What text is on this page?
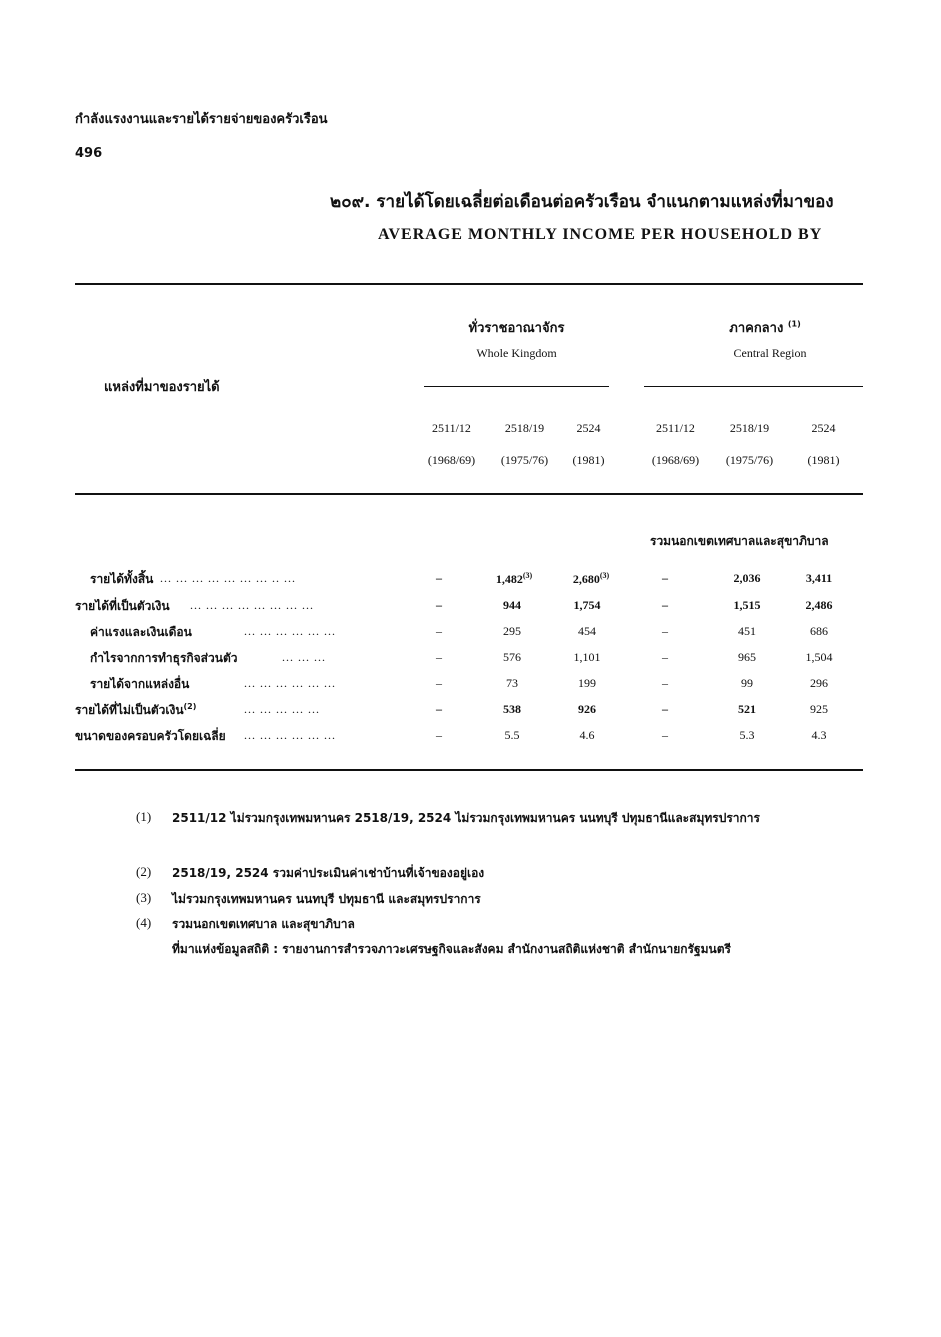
กำลังแรงงานและรายได้รายจ่ายของครัวเรือน
496
๒๐๙. รายได้โดยเฉลี่ยต่อเดือนต่อครัวเรือน จำแนกตามแหล่งที่มาของ
AVERAGE MONTHLY INCOME PER HOUSEHOLD BY
ทั่วราชอาณาจักร
Whole Kingdom
ภาคกลาง $^{(1)}$
Central Region
แหล่งที่มาของรายได้
2511/12
(1968/69)
2518/19
(1975/76)
2524
(1981)
2511/12
(1968/69)
2518/19
(1975/76)
2524
(1981)
รวมนอกเขตเทศบาลและสุขาภิบาล
รายได้ทั้งสิ้น ... ... ... ... ... ... ... .. ...	–	1,482$^{(3)}$	2,680$^{(3)}$	–	2,036	3,411
รายได้ที่เป็นตัวเงิน ... ... ... ... ... ... ... ...	–	944	1,754	–	1,515	2,486
ค่าแรงและเงินเดือน	... ... ... ... ... ...	–	295	454	–	451	686
กำไรจากการทำธุรกิจส่วนตัว	... ... ...	–	576	1,101	–	965	1,504
รายได้จากแหล่งอื่น	... ... ... ... ... ...	–	73	199	–	99	296
รายได้ที่ไม่เป็นตัวเงิน$^{(2)}$	... ... ... ... ...	–	538	926	–	521	925
ขนาดของครอบครัวโดยเฉลี่ย ... ... ... ... ... ...	–	5.5	4.6	–	5.3	4.3
(1) 2511/12 ไม่รวมกรุงเทพมหานคร 2518/19, 2524 ไม่รวมกรุงเทพมหานคร นนทบุรี ปทุมธานีและสมุทรปราการ
(2) 2518/19, 2524 รวมค่าประเมินค่าเช่าบ้านที่เจ้าของอยู่เอง
(3) ไม่รวมกรุงเทพมหานคร นนทบุรี ปทุมธานี และสมุทรปราการ
(4) รวมนอกเขตเทศบาล และสุขาภิบาล
ที่มาแห่งข้อมูลสถิติ : รายงานการสำรวจภาวะเศรษฐกิจและสังคม สำนักงานสถิติแห่งชาติ สำนักนายกรัฐมนตรี
